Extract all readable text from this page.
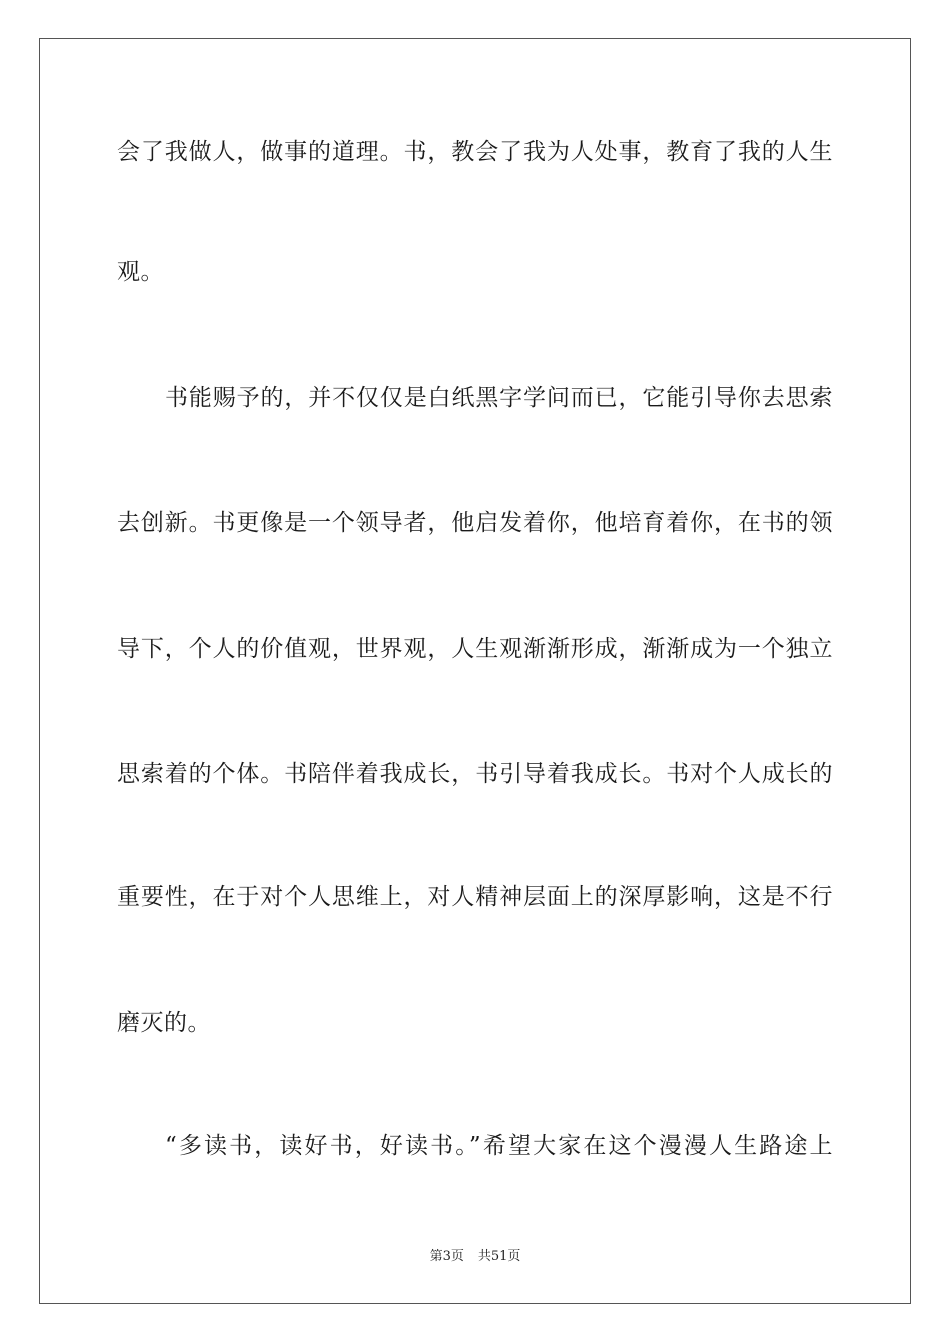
会了我做人，做事的道理。书，教会了我为人处事，教育了我的人生
观。
书能赐予的，并不仅仅是白纸黑字学问而已，它能引导你去思索
去创新。书更像是一个领导者，他启发着你，他培育着你，在书的领
导下，个人的价值观，世界观，人生观渐渐形成，渐渐成为一个独立
思索着的个体。书陪伴着我成长，书引导着我成长。书对个人成长的
重要性，在于对个人思维上，对人精神层面上的深厚影响，这是不行
磨灭的。
“多读书，读好书，好读书。”希望大家在这个漫漫人生路途上
第3页 共51页
